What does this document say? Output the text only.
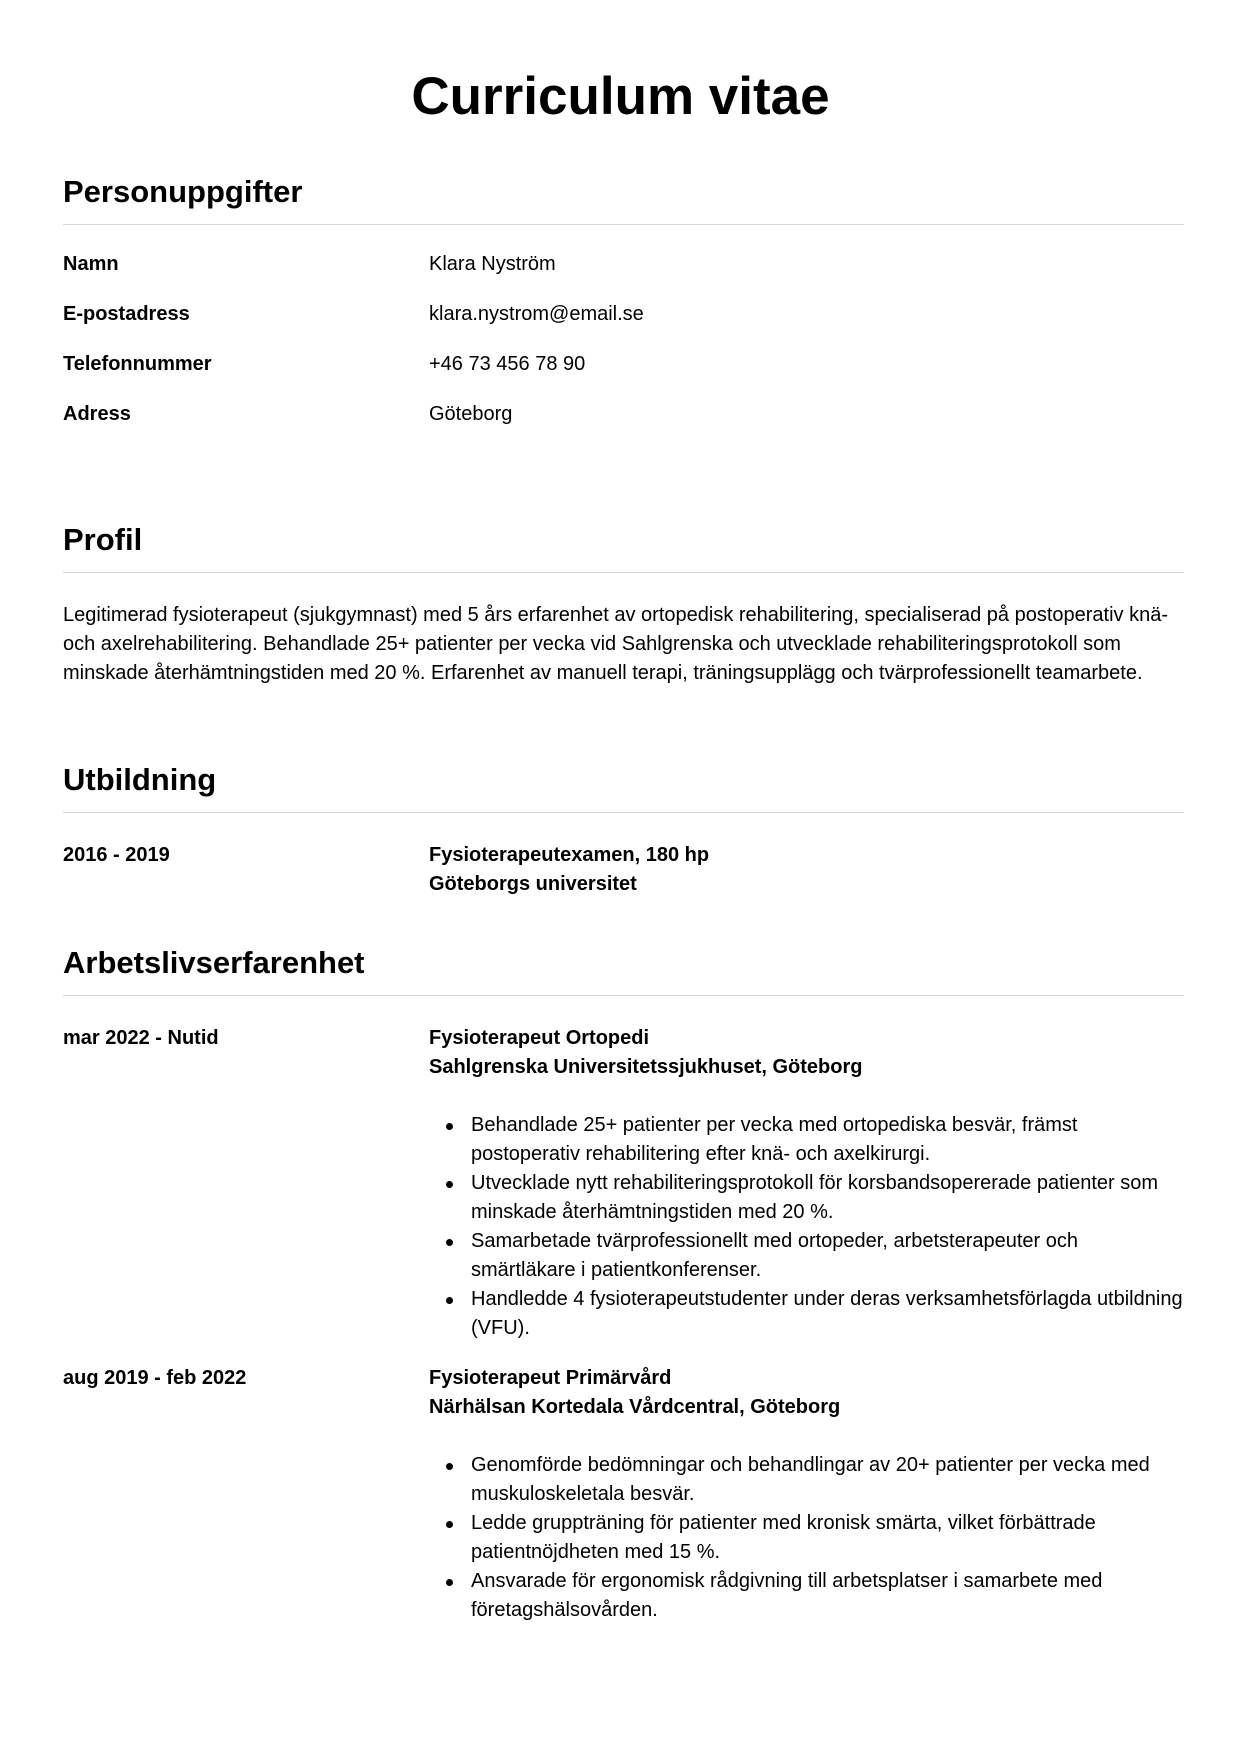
Curriculum vitae
Personuppgifter
Namn	Klara Nyström
E-postadress	klara.nystrom@email.se
Telefonnummer	+46 73 456 78 90
Adress	Göteborg
Profil

Legitimerad fysioterapeut (sjukgymnast) med 5 års erfarenhet av ortopedisk rehabilitering, specialiserad på postoperativ knä- och axelrehabilitering. Behandlade 25+ patienter per vecka vid Sahlgrenska och utvecklade rehabiliteringsprotokoll som minskade återhämtningstiden med 20 %. Erfarenhet av manuell terapi, träningsupplägg och tvärprofessionellt teamarbete.

Utbildning
2016 - 2019	Fysioterapeutexamen, 180 hp
Göteborgs universitet
Arbetslivserfarenhet
mar 2022 - Nutid	Fysioterapeut Ortopedi
Sahlgrenska Universitetssjukhuset, Göteborg
Behandlade 25+ patienter per vecka med ortopediska besvär, främst postoperativ rehabilitering efter knä- och axelkirurgi.
Utvecklade nytt rehabiliteringsprotokoll för korsbandsopererade patienter som minskade återhämtningstiden med 20 %.
Samarbetade tvärprofessionellt med ortopeder, arbetsterapeuter och smärtläkare i patientkonferenser.
Handledde 4 fysioterapeutstudenter under deras verksamhetsförlagda utbildning (VFU).
aug 2019 - feb 2022	Fysioterapeut Primärvård
Närhälsan Kortedala Vårdcentral, Göteborg
Genomförde bedömningar och behandlingar av 20+ patienter per vecka med muskuloskeletala besvär.
Ledde gruppträning för patienter med kronisk smärta, vilket förbättrade patientnöjdheten med 15 %.
Ansvarade för ergonomisk rådgivning till arbetsplatser i samarbete med företagshälsovården.
